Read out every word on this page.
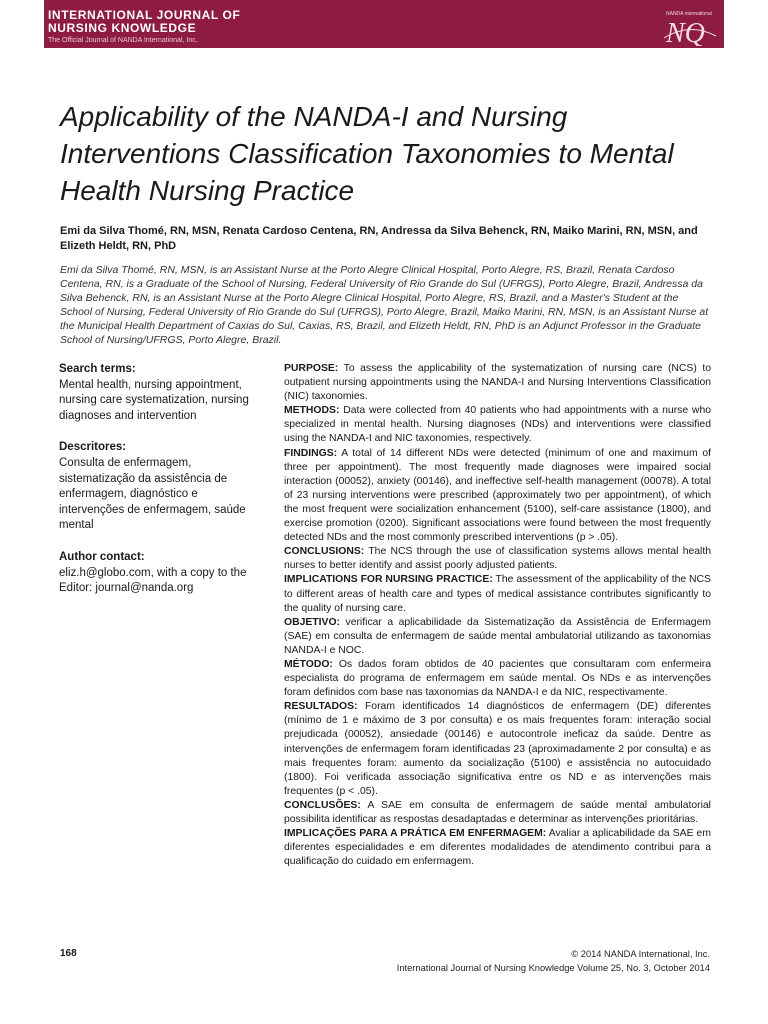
INTERNATIONAL JOURNAL OF
NURSING KNOWLEDGE
The Official Journal of NANDA International, Inc.
NANDA international
NQ
Applicability of the NANDA-I and Nursing Interventions Classification Taxonomies to Mental Health Nursing Practice
Emi da Silva Thomé, RN, MSN, Renata Cardoso Centena, RN, Andressa da Silva Behenck, RN, Maiko Marini, RN, MSN, and Elizeth Heldt, RN, PhD
Emi da Silva Thomé, RN, MSN, is an Assistant Nurse at the Porto Alegre Clinical Hospital, Porto Alegre, RS, Brazil, Renata Cardoso Centena, RN, is a Graduate of the School of Nursing, Federal University of Rio Grande do Sul (UFRGS), Porto Alegre, Brazil, Andressa da Silva Behenck, RN, is an Assistant Nurse at the Porto Alegre Clinical Hospital, Porto Alegre, RS, Brazil, and a Master's Student at the School of Nursing, Federal University of Rio Grande do Sul (UFRGS), Porto Alegre, Brazil, Maiko Marini, RN, MSN, is an Assistant Nurse at the Municipal Health Department of Caxias do Sul, Caxias, RS, Brazil, and Elizeth Heldt, RN, PhD is an Adjunct Professor in the Graduate School of Nursing/UFRGS, Porto Alegre, Brazil.
Search terms:
Mental health, nursing appointment, nursing care systematization, nursing diagnoses and intervention
Descritores:
Consulta de enfermagem, sistematização da assistência de enfermagem, diagnóstico e intervenções de enfermagem, saúde mental
Author contact:
eliz.h@globo.com, with a copy to the Editor: journal@nanda.org

PURPOSE: To assess the applicability of the systematization of nursing care (NCS) to outpatient nursing appointments using the NANDA-I and Nursing Interventions Classification (NIC) taxonomies.

METHODS: Data were collected from 40 patients who had appointments with a nurse who specialized in mental health. Nursing diagnoses (NDs) and interventions were classified using the NANDA-I and NIC taxonomies, respectively.

FINDINGS: A total of 14 different NDs were detected (minimum of one and maximum of three per appointment). The most frequently made diagnoses were impaired social interaction (00052), anxiety (00146), and ineffective self-health management (00078). A total of 23 nursing interventions were prescribed (approximately two per appointment), of which the most frequent were socialization enhancement (5100), self-care assistance (1800), and exercise promotion (0200). Significant associations were found between the most frequently detected NDs and the most commonly prescribed interventions (p > .05).

CONCLUSIONS: The NCS through the use of classification systems allows mental health nurses to better identify and assist poorly adjusted patients.

IMPLICATIONS FOR NURSING PRACTICE: The assessment of the applicability of the NCS to different areas of health care and types of medical assistance contributes significantly to the quality of nursing care.

OBJETIVO: verificar a aplicabilidade da Sistematização da Assistência de Enfermagem (SAE) em consulta de enfermagem de saúde mental ambulatorial utilizando as taxonomias NANDA-I e NOC.

MÉTODO: Os dados foram obtidos de 40 pacientes que consultaram com enfermeira especialista do programa de enfermagem em saúde mental. Os NDs e as intervenções foram definidos com base nas taxonomias da NANDA-I e da NIC, respectivamente.

RESULTADOS: Foram identificados 14 diagnósticos de enfermagem (DE) diferentes (mínimo de 1 e máximo de 3 por consulta) e os mais frequentes foram: interação social prejudicada (00052), ansiedade (00146) e autocontrole ineficaz da saúde. Dentre as intervenções de enfermagem foram identificadas 23 (aproximadamente 2 por consulta) e as mais frequentes foram: aumento da socialização (5100) e assistência no autocuidado (1800). Foi verificada associação significativa entre os ND e as intervenções mais frequentes (p < .05).

CONCLUSÕES: A SAE em consulta de enfermagem de saúde mental ambulatorial possibilita identificar as respostas desadaptadas e determinar as intervenções prioritárias.

IMPLICAÇÕES PARA A PRÁTICA EM ENFERMAGEM: Avaliar a aplicabilidade da SAE em diferentes especialidades e em diferentes modalidades de atendimento contribui para a qualificação do cuidado em enfermagem.

168	© 2014 NANDA International, Inc.
International Journal of Nursing Knowledge Volume 25, No. 3, October 2014
